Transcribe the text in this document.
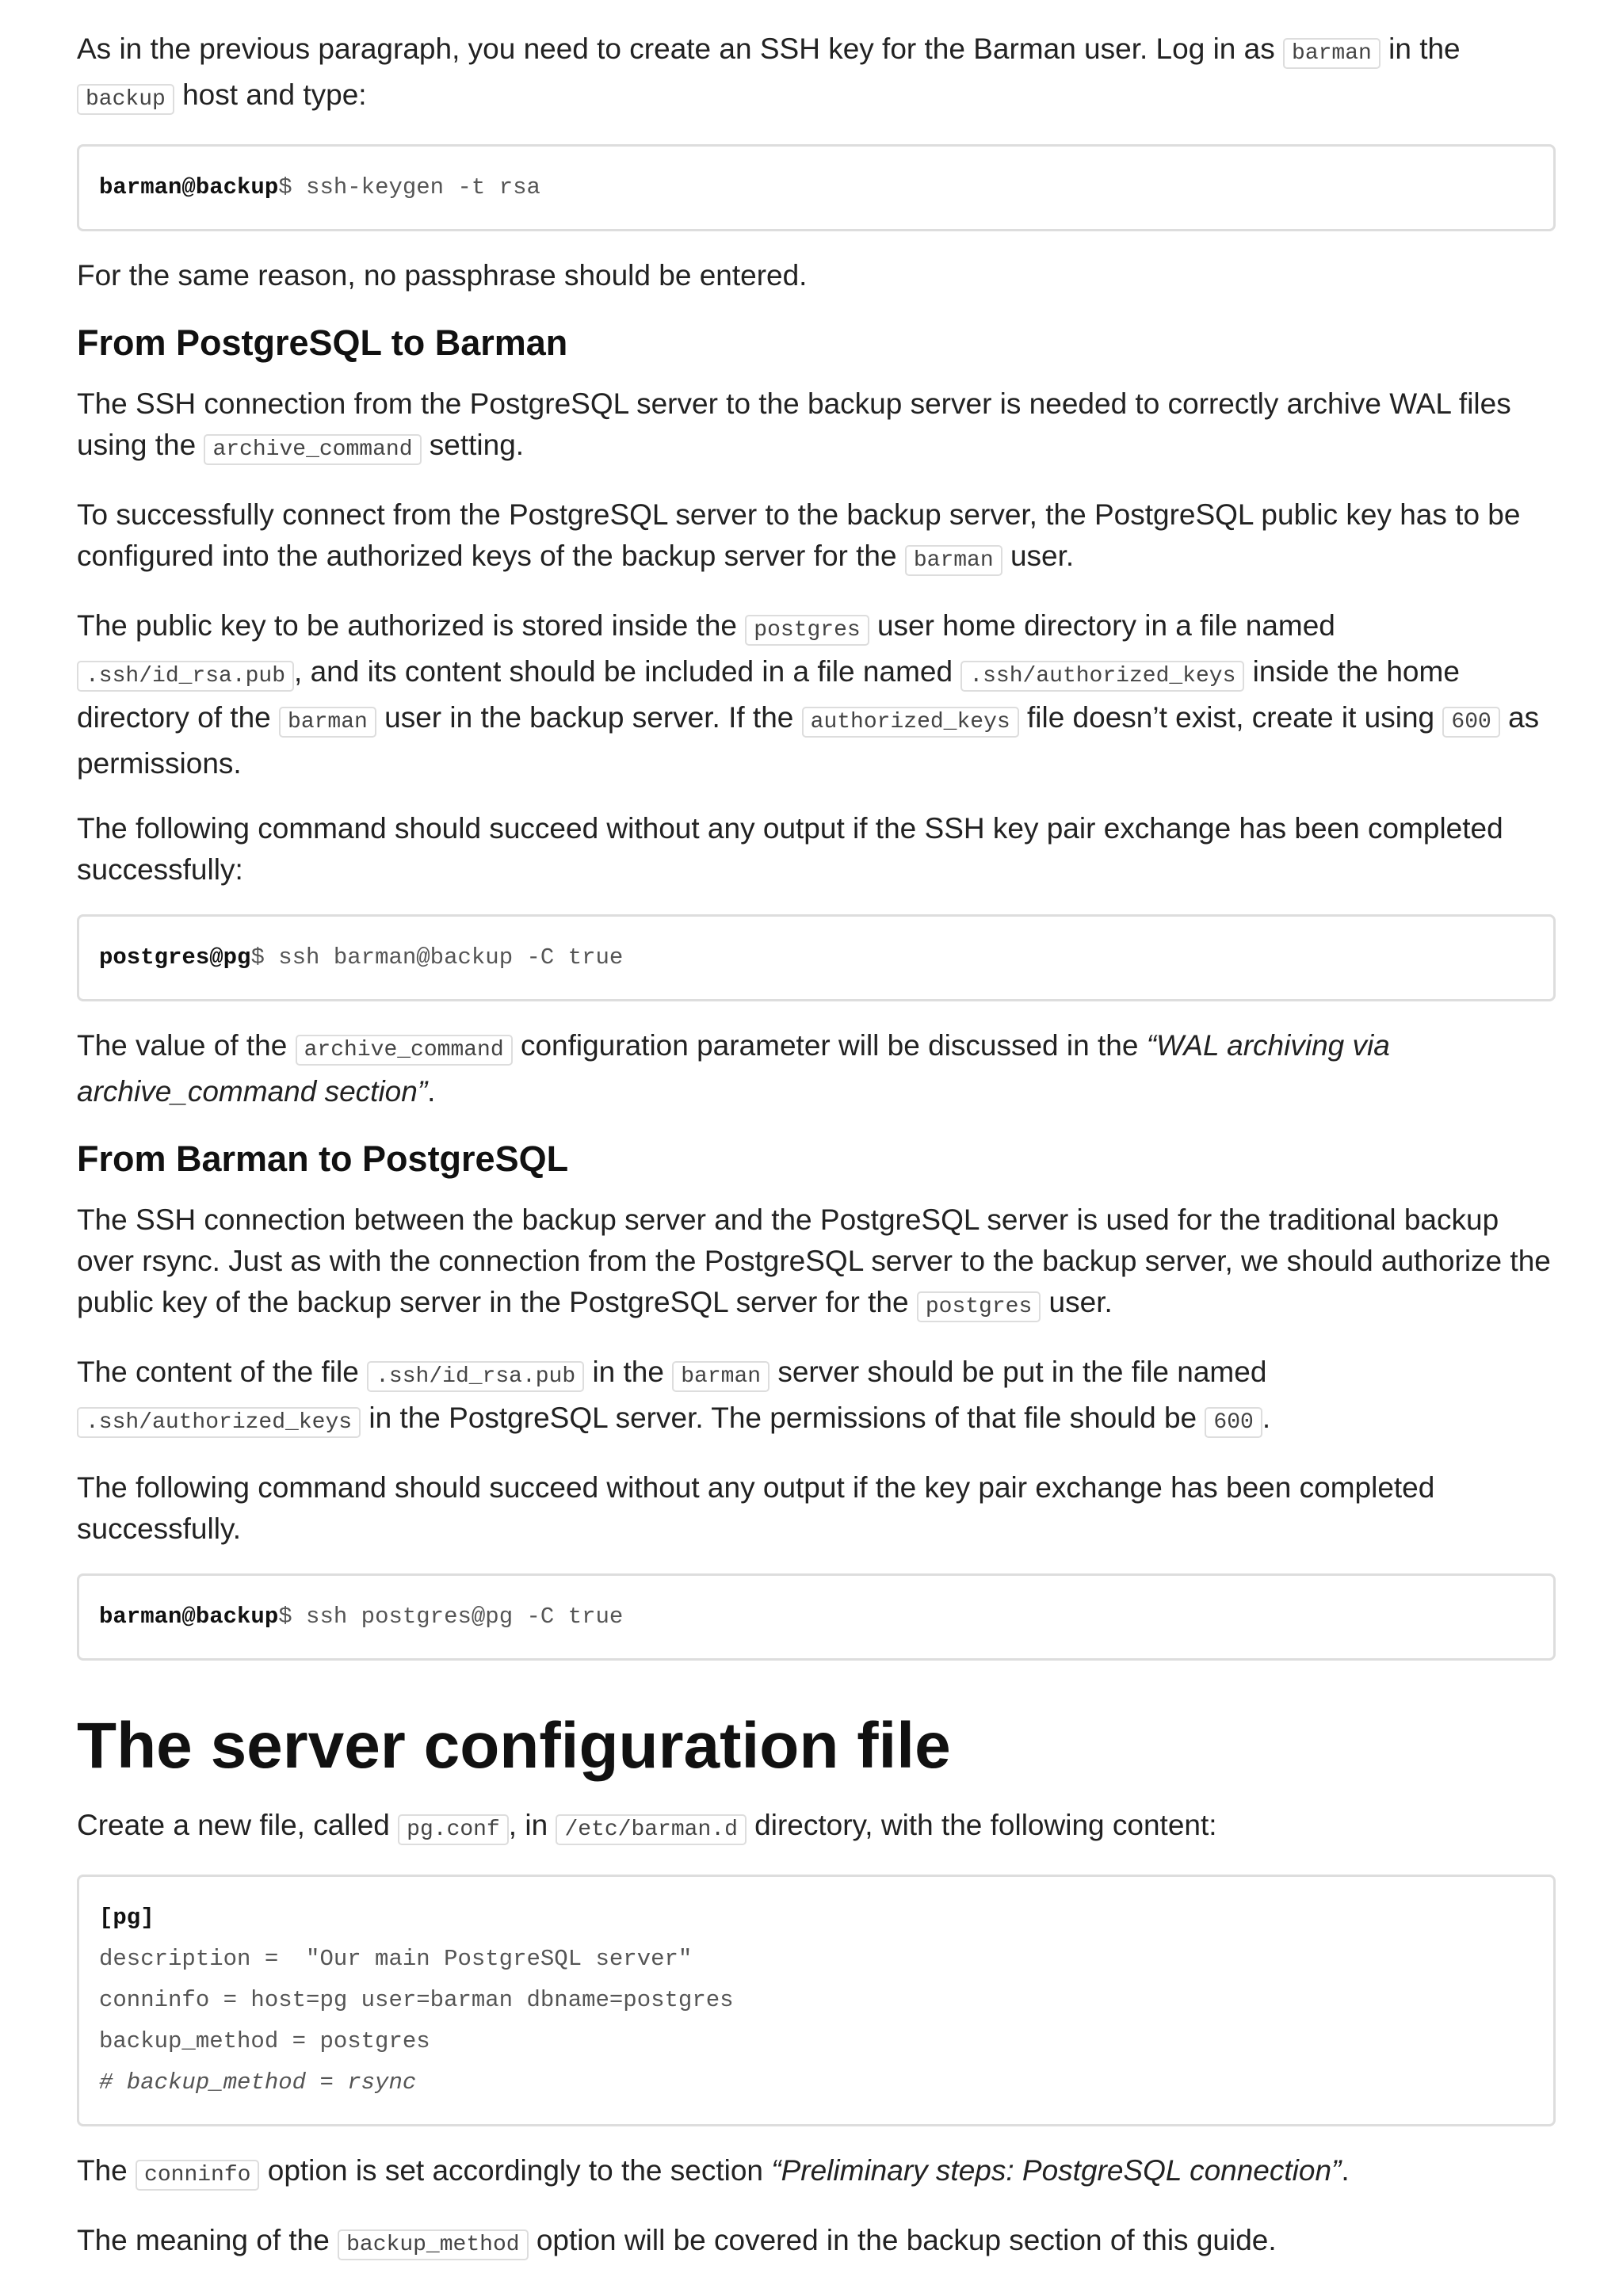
As in the previous paragraph, you need to create an SSH key for the Barman user. Log in as barman in the backup host and type:

barman@backup$ ssh-keygen -t rsa

For the same reason, no passphrase should be entered.

From PostgreSQL to Barman

The SSH connection from the PostgreSQL server to the backup server is needed to correctly archive WAL files using the archive_command setting.

To successfully connect from the PostgreSQL server to the backup server, the PostgreSQL public key has to be configured into the authorized keys of the backup server for the barman user.

The public key to be authorized is stored inside the postgres user home directory in a file named .ssh/id_rsa.pub , and its content should be included in a file named .ssh/authorized_keys inside the home directory of the barman user in the backup server. If the authorized_keys file doesn’t exist, create it using 600 as permissions.

The following command should succeed without any output if the SSH key pair exchange has been completed successfully:

postgres@pg$ ssh barman@backup -C true

The value of the archive_command configuration parameter will be discussed in the “WAL archiving via archive_command section”.

From Barman to PostgreSQL

The SSH connection between the backup server and the PostgreSQL server is used for the traditional backup over rsync. Just as with the connection from the PostgreSQL server to the backup server, we should authorize the public key of the backup server in the PostgreSQL server for the postgres user.

The content of the file .ssh/id_rsa.pub in the barman server should be put in the file named .ssh/authorized_keys in the PostgreSQL server. The permissions of that file should be 600 .

The following command should succeed without any output if the key pair exchange has been completed successfully.

barman@backup$ ssh postgres@pg -C true
The server configuration file

Create a new file, called pg.conf , in /etc/barman.d directory, with the following content:

[pg]
description =  "Our main PostgreSQL server"
conninfo = host=pg user=barman dbname=postgres
backup_method = postgres
# backup_method = rsync

The conninfo option is set accordingly to the section “Preliminary steps: PostgreSQL connection”.

The meaning of the backup_method option will be covered in the backup section of this guide.
